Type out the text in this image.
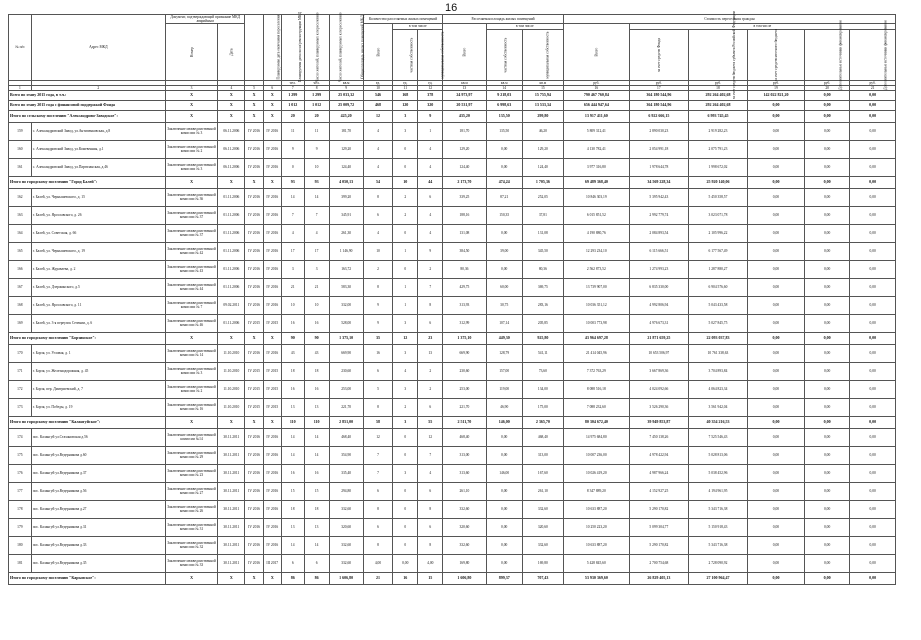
16
№ п/п	Адрес МКД	Документ, подтверждающий признание МКД аварийным		Планируемая дата окончания переселения	Планируемая дата сноса/реконструкции МКД	Число жителей, планируемых к переселению	Число жителей, планируемых к переселению	Общая площадь жилых помещений МКД	Количество расселяемых жилых помещений			Расселяемая площадь жилых помещений			Стоимость переселения граждан					
		Номер	Дата						Всего	в том числе		Всего	в том числе		Всего	в том числе				
										частная собственность	муниципальная собственность		частная собственность	муниципальная собственность		за счет средств Фонда	за счет средств бюджета субъекта Российской Федерации	за счет средств местного бюджета	Дополнительные источники финансирования	Дополнительные источники финансирования
						чел.	чел.	кв.м	ед.	ед.	ед.	кв.м	кв.м	кв.м	руб.	руб.	руб.	руб.	руб.	руб.
1	2	3	4	5	6	7	8	9	10	11	12	13	14	15	16	17	18	19	20	21
Всего по этапу 2015 года, в т.ч.:		X	X	X	X	1 299	1 299	25 033,32	546	168	378	24 973,97	9 218,03	15 755,94	790 467 760,84	364 180 544,96	292 264 402,68	142 022 821,20	0,00	0,00
Всего по этапу 2015 года с финансовой поддержкой Фонда		X	X	X	X	1 012	1 012	25 009,72	468	120	320	20 531,97	6 998,63	13 533,34	656 444 947,64	364 180 544,96	292 264 402,68	0,00	0,00	0,00
Итого по сельскому поселению "Александрово-Заводское":		X	X	X	X	20	20	425,20	12	3	9	435,20	135,50	299,80	13 917 411,60	6 922 666,15	6 993 745,45	0,00	0,00	0,00
159	с. Александровский Завод, ул.Антипенковская, д.8	Заключение межведомственной комиссии № 3	06.11.2006	IV 2016	IV 2016	11	11	181,70	4	3	1	181,70	135,50	46,20	5 809 312,41	2 890 030,23	2 919 282,23	0,00	0,00	0,00
160	с. Александровский Завод, ул.Кожевенная, д.1	Заключение межведомственной комиссии № 2	06.11.2006	IV 2016	IV 2016	9	9	129,20	4	0	4	129,20	0,00	129,20	4 130 782,41	2 054 991,18	2 075 791,23	0,00	0,00	0,00
161	с. Александровский Завод, ул.Партизанская, д.46	Заключение межведомственной комиссии № 3	06.11.2006	IV 2016	IV 2016	0	10	124,40	4	0	4	124,40	0,00	124,40	3 977 316,80	1 978 644,78	1 998 672,02	0,00	0,00	0,00
Итого по городскому поселению "Город Балей":		X	X	X	X	93	93	4 050,13	54	10	44	2 173,70	474,24	1 705,36	69 489 368,40	34 569 228,34	25 920 140,06	0,00	0,00	0,00
162	г. Балей, ул. Чернышевского, д. 15	Заключение межведомственной комиссии № 36	01.11.2006	IV 2016	IV 2016	14	14	399,20	8	2	6	339,25	87,21	252,05	10 846 303,19	5 395 942,43	5 450 358,57	0,00	0,00	0,00
163	г. Балей, ул. Ярославского, д. 26	Заключение межведомственной комиссии № 37	01.11.2006	IV 2016	IV 2016	7	7	345,91	6	2	4	188,16	150,35	37,81	6 015 851,52	2 992 779,74	3 023 071,78	0,00	0,00	0,00
164	г. Балей, ул. Советская, д. 66	Заключение межведомственной комиссии № 37	01.11.2006	IV 2016	IV 2016	4	4	261,30	4	0	4	131,08	0,00	131,08	4 190 880,76	2 084 893,54	2 105 996,22	0,00	0,00	0,00
165	г. Балей, ул. Чернышевского, д. 19	Заключение межведомственной комиссии № 42	01.11.2006	IV 2016	IV 2016	17	17	1 146,90	10	1	9	384,50	39,00	345,50	12 293 234,10	6 115 666,51	6 177 567,49	0,00	0,00	0,00
166	г. Балей, ул. Журавлева, д. 2	Заключение межведомственной комиссии № 43	01.11.2006	IV 2016	IV 2016	3	3	163,72	2	0	2	80,36	0,00	80,36	2 562 873,52	1 274 993,23	1 287 880,27	0,00	0,00	0,00
167	г. Балей, ул. Дзержинского, д.5	Заключение межведомственной комиссии № 44	01.11.2006	IV 2016	IV 2016	21	21	583,30	8	1	7	429,75	60,00	369,75	13 739 907,00	6 835 330,00	6 904 576,60	0,00	0,00	0,00
168	г. Балей, ул. Ярославского, д. 11	Заключение межведомственной комиссии № 7	09.02.2011	IV 2016	IV 2016	10	10	332,00	9	1	8	313,93	30,75	283,16	10 036 351,12	4 992 806,94	5 043 433,58	0,00	0,00	0,00
169	г. Балей, ул. 3-я переулок Сечении, д. 6	Заключение межведомственной комиссии № 46	01.11.2006	IV 2015	IV 2015	16	16	528,00	9	3	6	312,99	107,14	205,85	10 003 773,98	4 976 673,31	5 027 845,75	0,00	0,00	0,00
Итого по городскому поселению "Борзинское":		X	X	X	X	90	90	1 375,10	35	12	23	1 375,10	449,30	925,80	43 964 697,28	21 871 659,25	22 093 037,83	0,00	0,00	0,00
170	г. Борзя, ул. Угловая, д. 1	Заключение межведомственной комиссии № 14	11.10.2010	IV 2016	IV 2016	43	43	669,90	16	3	13	669,90	128,79	541,11	21 414 045,96	10 653 506,97	10 761 338,63	0,00	0,00	0,00
171	г. Борзя, ул. Железнодорожная, д. 45	Заключение межведомственной комиссии № 3	11.10.2010	IV 2015	IV 2015	18	18	230,60	6	4	2	230,60	157,00	73,60	7 372 763,29	3 667 869,36	3 704 893,84	0,00	0,00	0,00
172	г. Борзя, пер. Дмитриевский, д. 7	Заключение межведомственной комиссии № 2	11.10.2010	IV 2015	IV 2015	16	16	253,00	5	3	2	253,00	119,00	134,00	8 088 516,18	4 024 092,66	4 064 823,34	0,00	0,00	0,00
173	г. Борзя, ул. Победы, д. 19	Заключение межведомственной комиссии № 16	11.10.2010	IV 2015	IV 2015	13	13	221,70	8	2	6	221,70	46,90	175,00	7 088 232,60	3 526 290,36	3 561 942,04	0,00	0,00	0,00
Итого по городскому поселению "Калангуйское":		X	X	X	X	110	110	2 851,00	58	3	55	2 511,70	146,00	2 365,70	80 304 672,40	39 949 853,87	40 354 216,53	0,00	0,00	0,00
174	пос. Калангуй ул.Стахановская д.56	Заключение межведомственной комиссии №14	30.11.2011	IV 2016	IV 2016	14	14	468,40	12	0	12	468,40	0,00	468,40	14 975 684,80	7 450 138,26	7 525 546,43	0,00	0,00	0,00
175	пос. Калангуй ул.Ведерникова д.60	Заключение межведомственной комиссии № 29	30.11.2011	IV 2016	IV 2016	14	14	354,90	7	0	7	313,00	0,00	313,00	10 007 236,00	4 978 422,94	5 028 813,06	0,00	0,00	0,00
176	пос. Калангуй ул.Ведерникова д.37	Заключение межведомственной комиссии № 23	30.11.2011	IV 2016	IV 2016	16	16	335,40	7	3	4	313,60	146,00	167,60	10 026 419,20	4 987 966,24	5 038 452,96	0,00	0,00	0,00
177	пос. Калангуй ул.Ведерникова д.56	Заключение межведомственной комиссии № 27	30.11.2011	IV 2016	IV 2016	15	15	294,80	6	0	6	261,10	0,00	261,10	8 347 889,20	4 152 927,25	4 194 961,95	0,00	0,00	0,00
178	пос. Калангуй ул.Ведерникова д.27	Заключение межведомственной комиссии № 26	30.11.2011	IV 2016	IV 2016	18	18	332,60	8	0	8	332,60	0,00	332,60	10 633 887,20	5 290 170,82	5 343 716,38	0,00	0,00	0,00
179	пос. Калангуй ул.Ведерникова д.31	Заключение межведомственной комиссии № 31	30.11.2011	IV 2016	IV 2016	13	13	320,60	6	0	6	320,60	0,00	320,60	10 250 223,20	5 099 304,77	5 150 918,43	0,00	0,00	0,00
180	пос. Калангуй ул.Ведерникова д.33	Заключение межведомственной комиссии № 32	30.11.2011	IV 2016	IV 2016	14	14	332,60	8	0	8	332,60	0,00	332,60	10 633 887,20	5 290 170,82	5 343 716,38	0,00	0,00	0,00
181	пос. Калангуй ул.Ведерникова д.35	Заключение межведомственной комиссии № 33	30.11.2011	IV 2016	III 2017	6	6	332,60	4,00	0,00	4,00	169,80	0,00	169,80	5 428 845,60	2 700 754,68	2 728 090,92	0,00	0,00	0,00
Итого по городскому поселению "Карымское":		X	X	X	X	86	86	1 606,80	21	16	15	1 606,80	899,37	707,43	53 930 369,60	26 829 405,13	27 100 964,47	0,00	0,00	0,00
